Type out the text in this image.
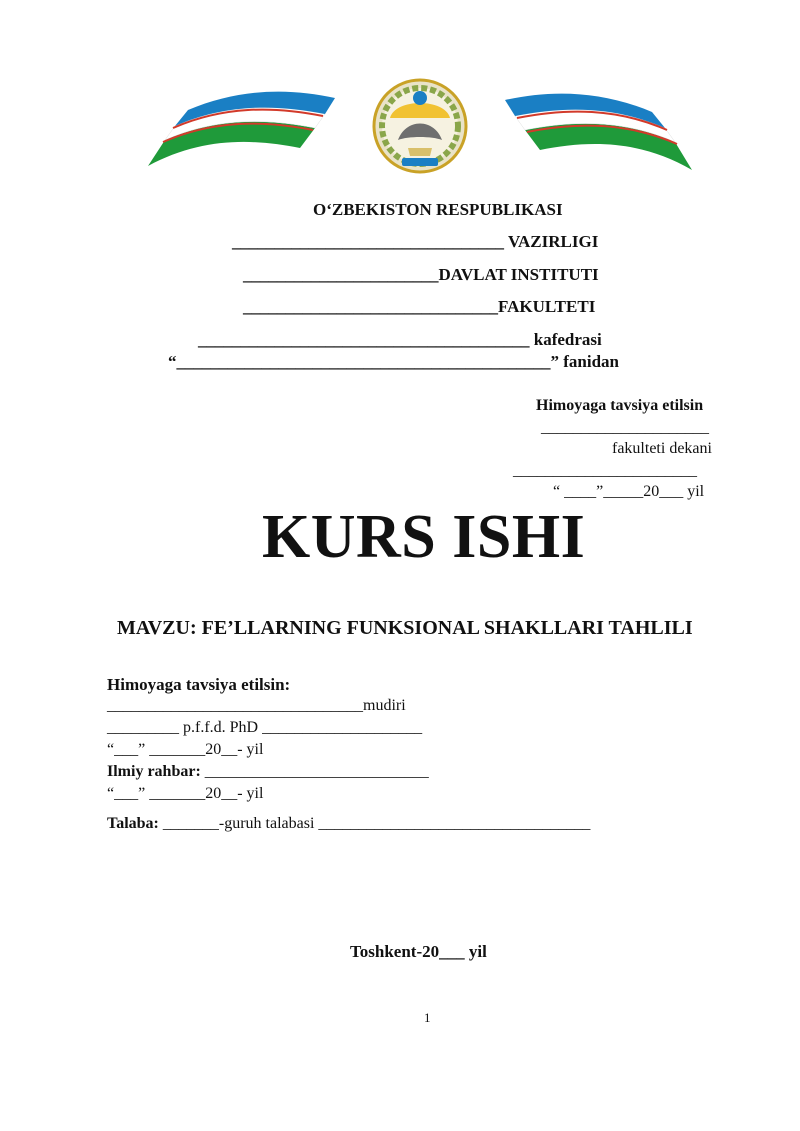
O‘ZBEKISTON RESPUBLIKASI
________________________________ VAZIRLIGI
_______________________DAVLAT INSTITUTI
______________________________FAKULTETI
_______________________________________ kafedrasi
“____________________________________________” fanidan
Himoyaga tavsiya etilsin
_____________________
fakulteti dekani
_______________________
“ ____”_____20___ yil
KURS ISHI
MAVZU: FE’LLARNING FUNKSIONAL SHAKLLARI TAHLILI
Himoyaga tavsiya etilsin:
________________________________mudiri
_________ p.f.f.d. PhD ____________________
“___” _______20__- yil
Ilmiy rahbar: ____________________________
“___” _______20__- yil
Talaba: _______-guruh talabasi __________________________________
Toshkent-20___ yil
1
